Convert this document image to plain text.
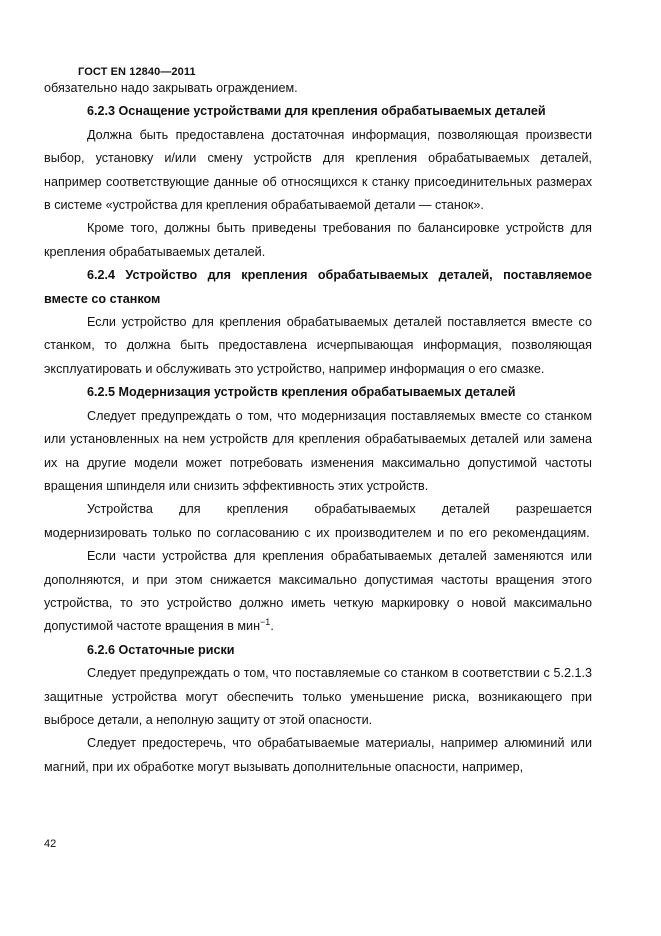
ГОСТ EN 12840—2011

обязательно надо закрывать ограждением.

6.2.3 Оснащение устройствами для крепления обрабатываемых деталей

Должна быть предоставлена достаточная информация, позволяющая произвести выбор, установку и/или смену устройств для крепления обрабатываемых деталей, например соответствующие данные об относящихся к станку присоединительных размерах в системе «устройства для крепления обрабатываемой детали — станок».

Кроме того, должны быть приведены требования по балансировке устройств для крепления обрабатываемых деталей.

6.2.4 Устройство для крепления обрабатываемых деталей, поставляемое вместе со станком

Если устройство для крепления обрабатываемых деталей поставляется вместе со станком, то должна быть предоставлена исчерпывающая информация, позволяющая эксплуатировать и обслуживать это устройство, например информация о его смазке.

6.2.5 Модернизация устройств крепления обрабатываемых деталей

Следует предупреждать о том, что модернизация поставляемых вместе со станком или установленных на нем устройств для крепления обрабатываемых деталей или замена их на другие модели может потребовать изменения максимально допустимой частоты вращения шпинделя или снизить эффективность этих устройств.

Устройства для крепления обрабатываемых деталей разрешается модернизировать только по согласованию с их производителем и по его рекомендациям.

Если части устройства для крепления обрабатываемых деталей заменяются или дополняются, и при этом снижается максимально допустимая частоты вращения этого устройства, то это устройство должно иметь четкую маркировку о новой максимально допустимой частоте вращения в мин$^{-1}$.

6.2.6 Остаточные риски

Следует предупреждать о том, что поставляемые со станком в соответствии с 5.2.1.3 защитные устройства могут обеспечить только уменьшение риска, возникающего при выбросе детали, а неполную защиту от этой опасности.

Следует предостеречь, что обрабатываемые материалы, например алюминий или магний, при их обработке могут вызывать дополнительные опасности, например,

42
